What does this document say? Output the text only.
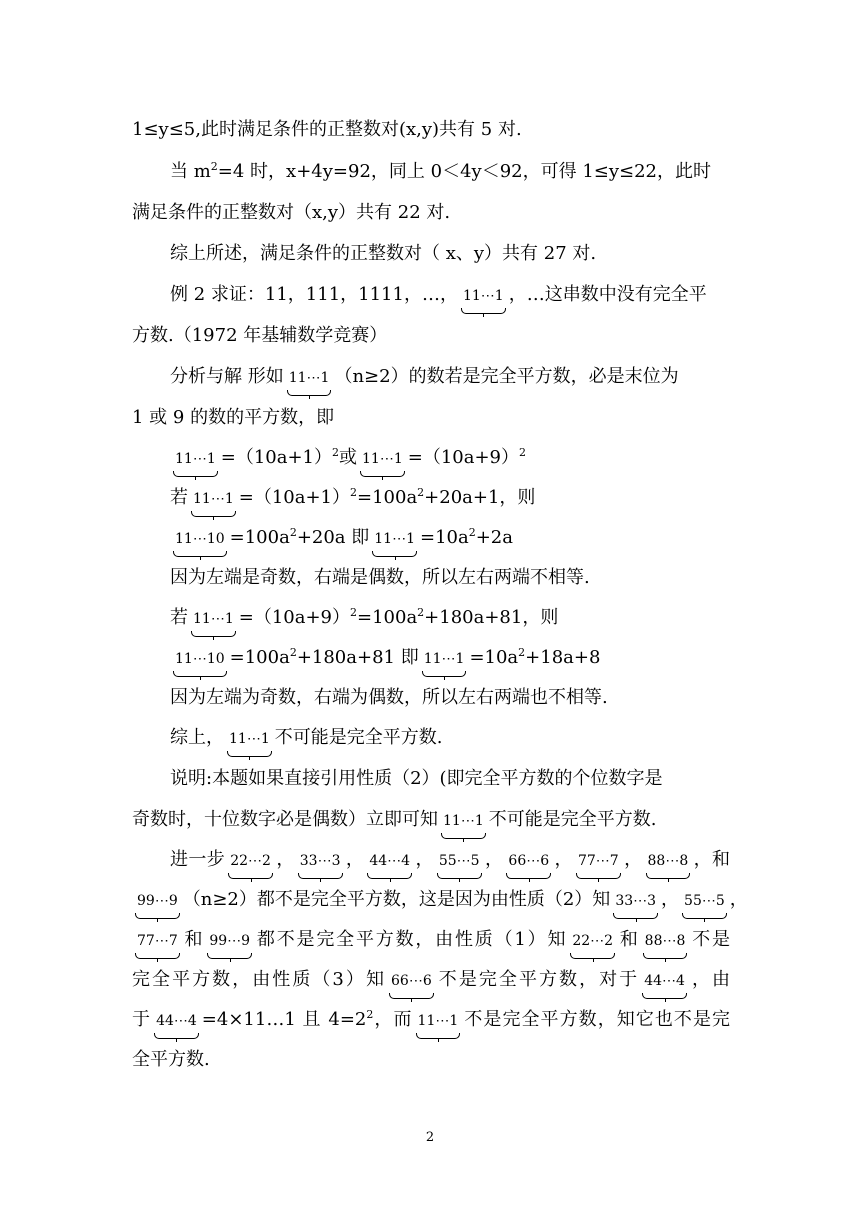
1≤y≤5,此时满足条件的正整数对(x,y)共有 5 对.
当 $m^2=4$ 时，x+4y=92，同上 0＜4y＜92，可得 1≤y≤22，此时
满足条件的正整数对（x,y）共有 22 对.
综上所述，满足条件的正整数对（ x、y）共有 27 对.
例 2 求证：11，111，1111，…， 11⋯1 ，…这串数中没有完全平
方数.（1972 年基辅数学竞赛）
分析与解 形如 11⋯1 （n≥2）的数若是完全平方数，必是末位为
1 或 9 的数的平方数，即
11⋯1 $=(10a+1)^2$或 11⋯1 $=(10a+9)^2$
若 11⋯1 $=(10a+1)^2=100a^2+20a+1$，则
11⋯10 $=100a^2+20a$ 即 11⋯1 $=10a^2+2a$
因为左端是奇数，右端是偶数，所以左右两端不相等.
若 11⋯1 $=(10a+9)^2=100a^2+180a+81$，则
11⋯10 $=100a^2+180a+81$ 即 11⋯1 $=10a^2+18a+8$
因为左端为奇数，右端为偶数，所以左右两端也不相等.
综上， 11⋯1 不可能是完全平方数.
说明:本题如果直接引用性质（2）(即完全平方数的个位数字是
奇数时，十位数字必是偶数）立即可知 11⋯1 不可能是完全平方数.
进一步 22⋯2 ， 33⋯3 ， 44⋯4 ， 55⋯5 ， 66⋯6 ， 77⋯7 ， 88⋯8 ，和
99⋯9 （n≥2）都不是完全平方数，这是因为由性质（2）知 33⋯3 ， 55⋯5 ，
77⋯7 和 99⋯9 都不是完全平方数，由性质（1）知 22⋯2 和 88⋯8 不是
完全平方数，由性质（3）知 66⋯6 不是完全平方数，对于 44⋯4 ，由
于 44⋯4 =4×11…1 且 $4=2^2$，而 11⋯1 不是完全平方数，知它也不是完
全平方数.
2
